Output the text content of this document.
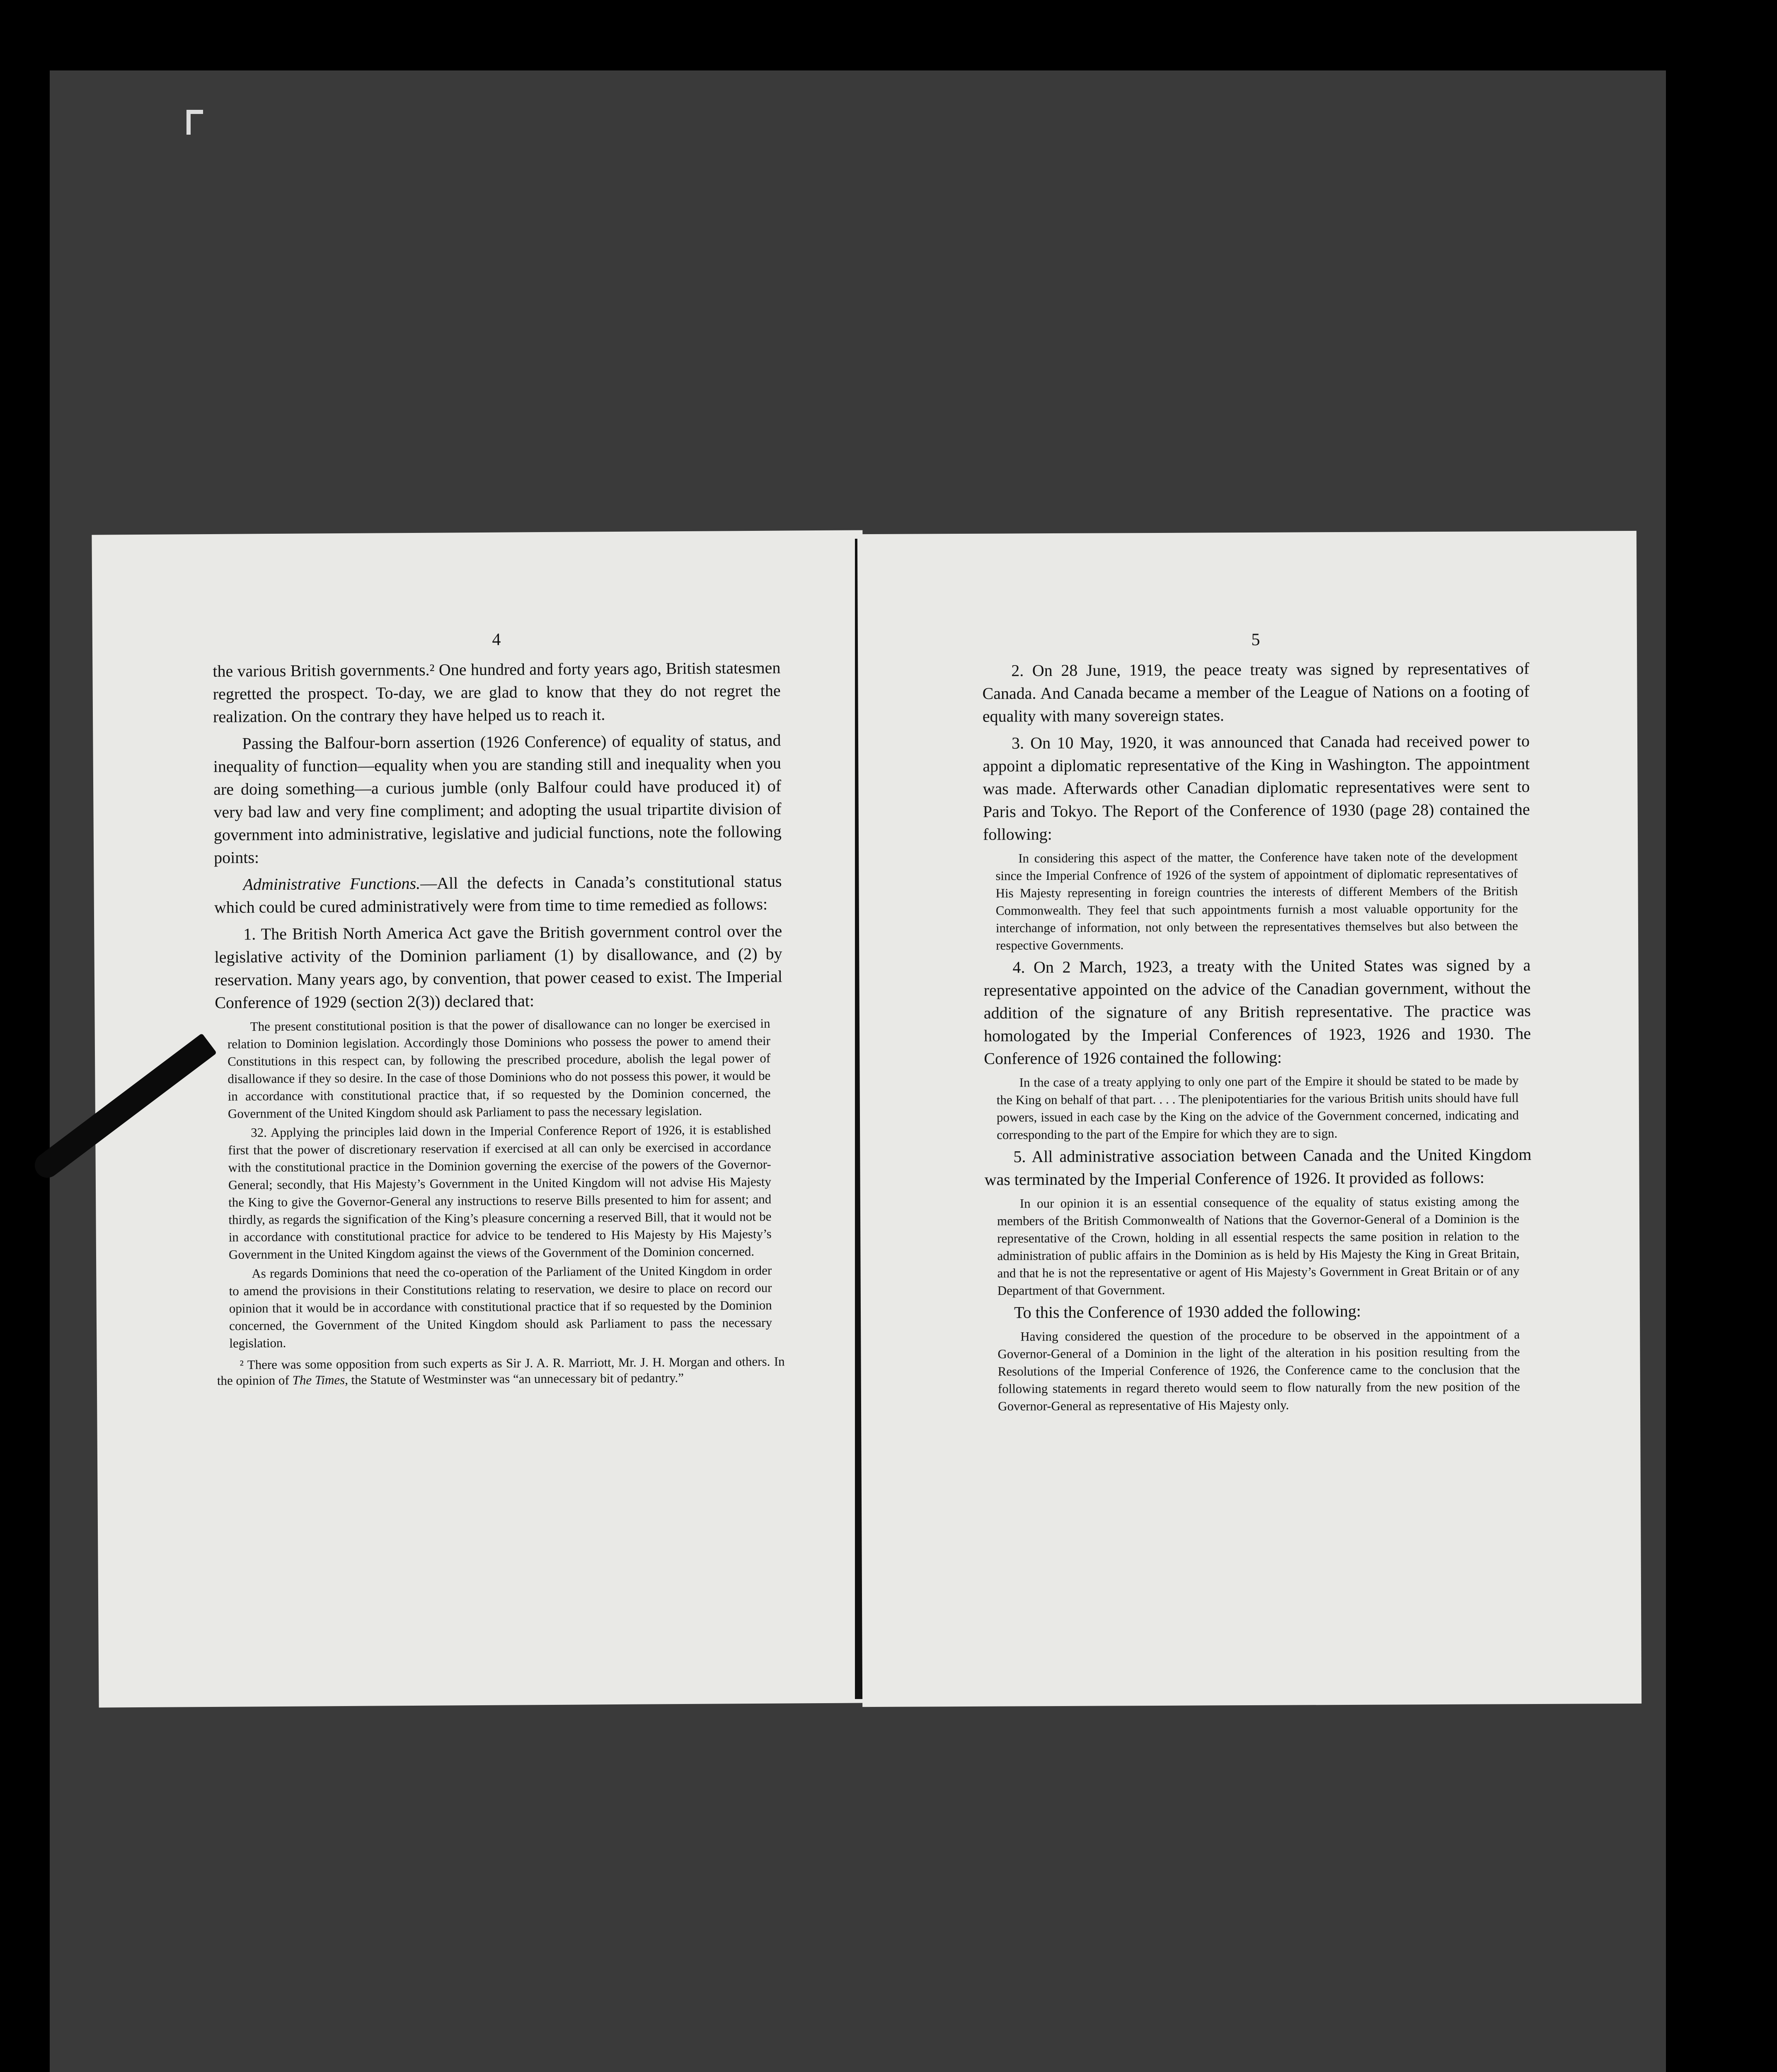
4

the various British governments.² One hundred and forty years ago, British statesmen regretted the prospect. To-day, we are glad to know that they do not regret the realization. On the contrary they have helped us to reach it.

Passing the Balfour-born assertion (1926 Conference) of equality of status, and inequality of function—equality when you are standing still and inequality when you are doing something—a curious jumble (only Balfour could have produced it) of very bad law and very fine compliment; and adopting the usual tripartite division of government into administrative, legislative and judicial functions, note the following points:

Administrative Functions.—All the defects in Canada’s constitutional status which could be cured administratively were from time to time remedied as follows:

1. The British North America Act gave the British government control over the legislative activity of the Dominion parliament (1) by disallowance, and (2) by reservation. Many years ago, by convention, that power ceased to exist. The Imperial Conference of 1929 (section 2(3)) declared that:

The present constitutional position is that the power of disallowance can no longer be exercised in relation to Dominion legislation. Accordingly those Dominions who possess the power to amend their Constitutions in this respect can, by following the prescribed procedure, abolish the legal power of disallowance if they so desire. In the case of those Dominions who do not possess this power, it would be in accordance with constitutional practice that, if so requested by the Dominion concerned, the Government of the United Kingdom should ask Parliament to pass the necessary legislation.

32. Applying the principles laid down in the Imperial Conference Report of 1926, it is established first that the power of discretionary reservation if exercised at all can only be exercised in accordance with the constitutional practice in the Dominion governing the exercise of the powers of the Governor-General; secondly, that His Majesty’s Government in the United Kingdom will not advise His Majesty the King to give the Governor-General any instructions to reserve Bills presented to him for assent; and thirdly, as regards the signification of the King’s pleasure concerning a reserved Bill, that it would not be in accordance with constitutional practice for advice to be tendered to His Majesty by His Majesty’s Government in the United Kingdom against the views of the Government of the Dominion concerned.

As regards Dominions that need the co-operation of the Parliament of the United Kingdom in order to amend the provisions in their Constitutions relating to reservation, we desire to place on record our opinion that it would be in accordance with constitutional practice that if so requested by the Dominion concerned, the Government of the United Kingdom should ask Parliament to pass the necessary legislation.

² There was some opposition from such experts as Sir J. A. R. Marriott, Mr. J. H. Morgan and others. In the opinion of The Times, the Statute of Westminster was “an unnecessary bit of pedantry.”

5

2. On 28 June, 1919, the peace treaty was signed by representatives of Canada. And Canada became a member of the League of Nations on a footing of equality with many sovereign states.

3. On 10 May, 1920, it was announced that Canada had received power to appoint a diplomatic representative of the King in Washington. The appointment was made. Afterwards other Canadian diplomatic representatives were sent to Paris and Tokyo. The Report of the Conference of 1930 (page 28) contained the following:

In considering this aspect of the matter, the Conference have taken note of the development since the Imperial Confrence of 1926 of the system of appointment of diplomatic representatives of His Majesty representing in foreign countries the interests of different Members of the British Commonwealth. They feel that such appointments furnish a most valuable opportunity for the interchange of information, not only between the representatives themselves but also between the respective Governments.

4. On 2 March, 1923, a treaty with the United States was signed by a representative appointed on the advice of the Canadian government, without the addition of the signature of any British representative. The practice was homologated by the Imperial Conferences of 1923, 1926 and 1930. The Conference of 1926 contained the following:

In the case of a treaty applying to only one part of the Empire it should be stated to be made by the King on behalf of that part. . . . The plenipotentiaries for the various British units should have full powers, issued in each case by the King on the advice of the Government concerned, indicating and corresponding to the part of the Empire for which they are to sign.

5. All administrative association between Canada and the United Kingdom was terminated by the Imperial Conference of 1926. It provided as follows:

In our opinion it is an essential consequence of the equality of status existing among the members of the British Commonwealth of Nations that the Governor-General of a Dominion is the representative of the Crown, holding in all essential respects the same position in relation to the administration of public affairs in the Dominion as is held by His Majesty the King in Great Britain, and that he is not the representative or agent of His Majesty’s Government in Great Britain or of any Department of that Government.

To this the Conference of 1930 added the following:

Having considered the question of the procedure to be observed in the appointment of a Governor-General of a Dominion in the light of the alteration in his position resulting from the Resolutions of the Imperial Conference of 1926, the Conference came to the conclusion that the following statements in regard thereto would seem to flow naturally from the new position of the Governor-General as representative of His Majesty only.
